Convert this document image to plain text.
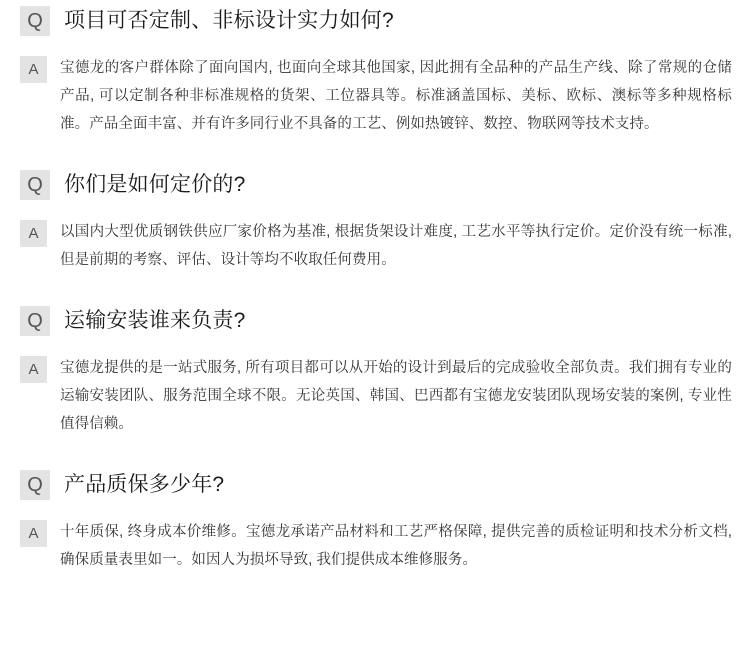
Q	项目可否定制、非标设计实力如何?
A	宝德龙的客户群体除了面向国内, 也面向全球其他国家, 因此拥有全品种的产品生产线、除了常规的仓储产品, 可以定制各种非标准规格的货架、工位器具等。标准涵盖国标、美标、欧标、澳标等多种规格标准。产品全面丰富、并有许多同行业不具备的工艺、例如热镀锌、数控、物联网等技术支持。
Q	你们是如何定价的?
A	以国内大型优质钢铁供应厂家价格为基准, 根据货架设计难度, 工艺水平等执行定价。定价没有统一标准, 但是前期的考察、评估、设计等均不收取任何费用。
Q	运输安装谁来负责?
A	宝德龙提供的是一站式服务, 所有项目都可以从开始的设计到最后的完成验收全部负责。我们拥有专业的运输安装团队、服务范围全球不限。无论英国、韩国、巴西都有宝德龙安装团队现场安装的案例, 专业性值得信赖。
Q	产品质保多少年?
A	十年质保, 终身成本价维修。宝德龙承诺产品材料和工艺严格保障, 提供完善的质检证明和技术分析文档, 确保质量表里如一。如因人为损坏导致, 我们提供成本维修服务。
